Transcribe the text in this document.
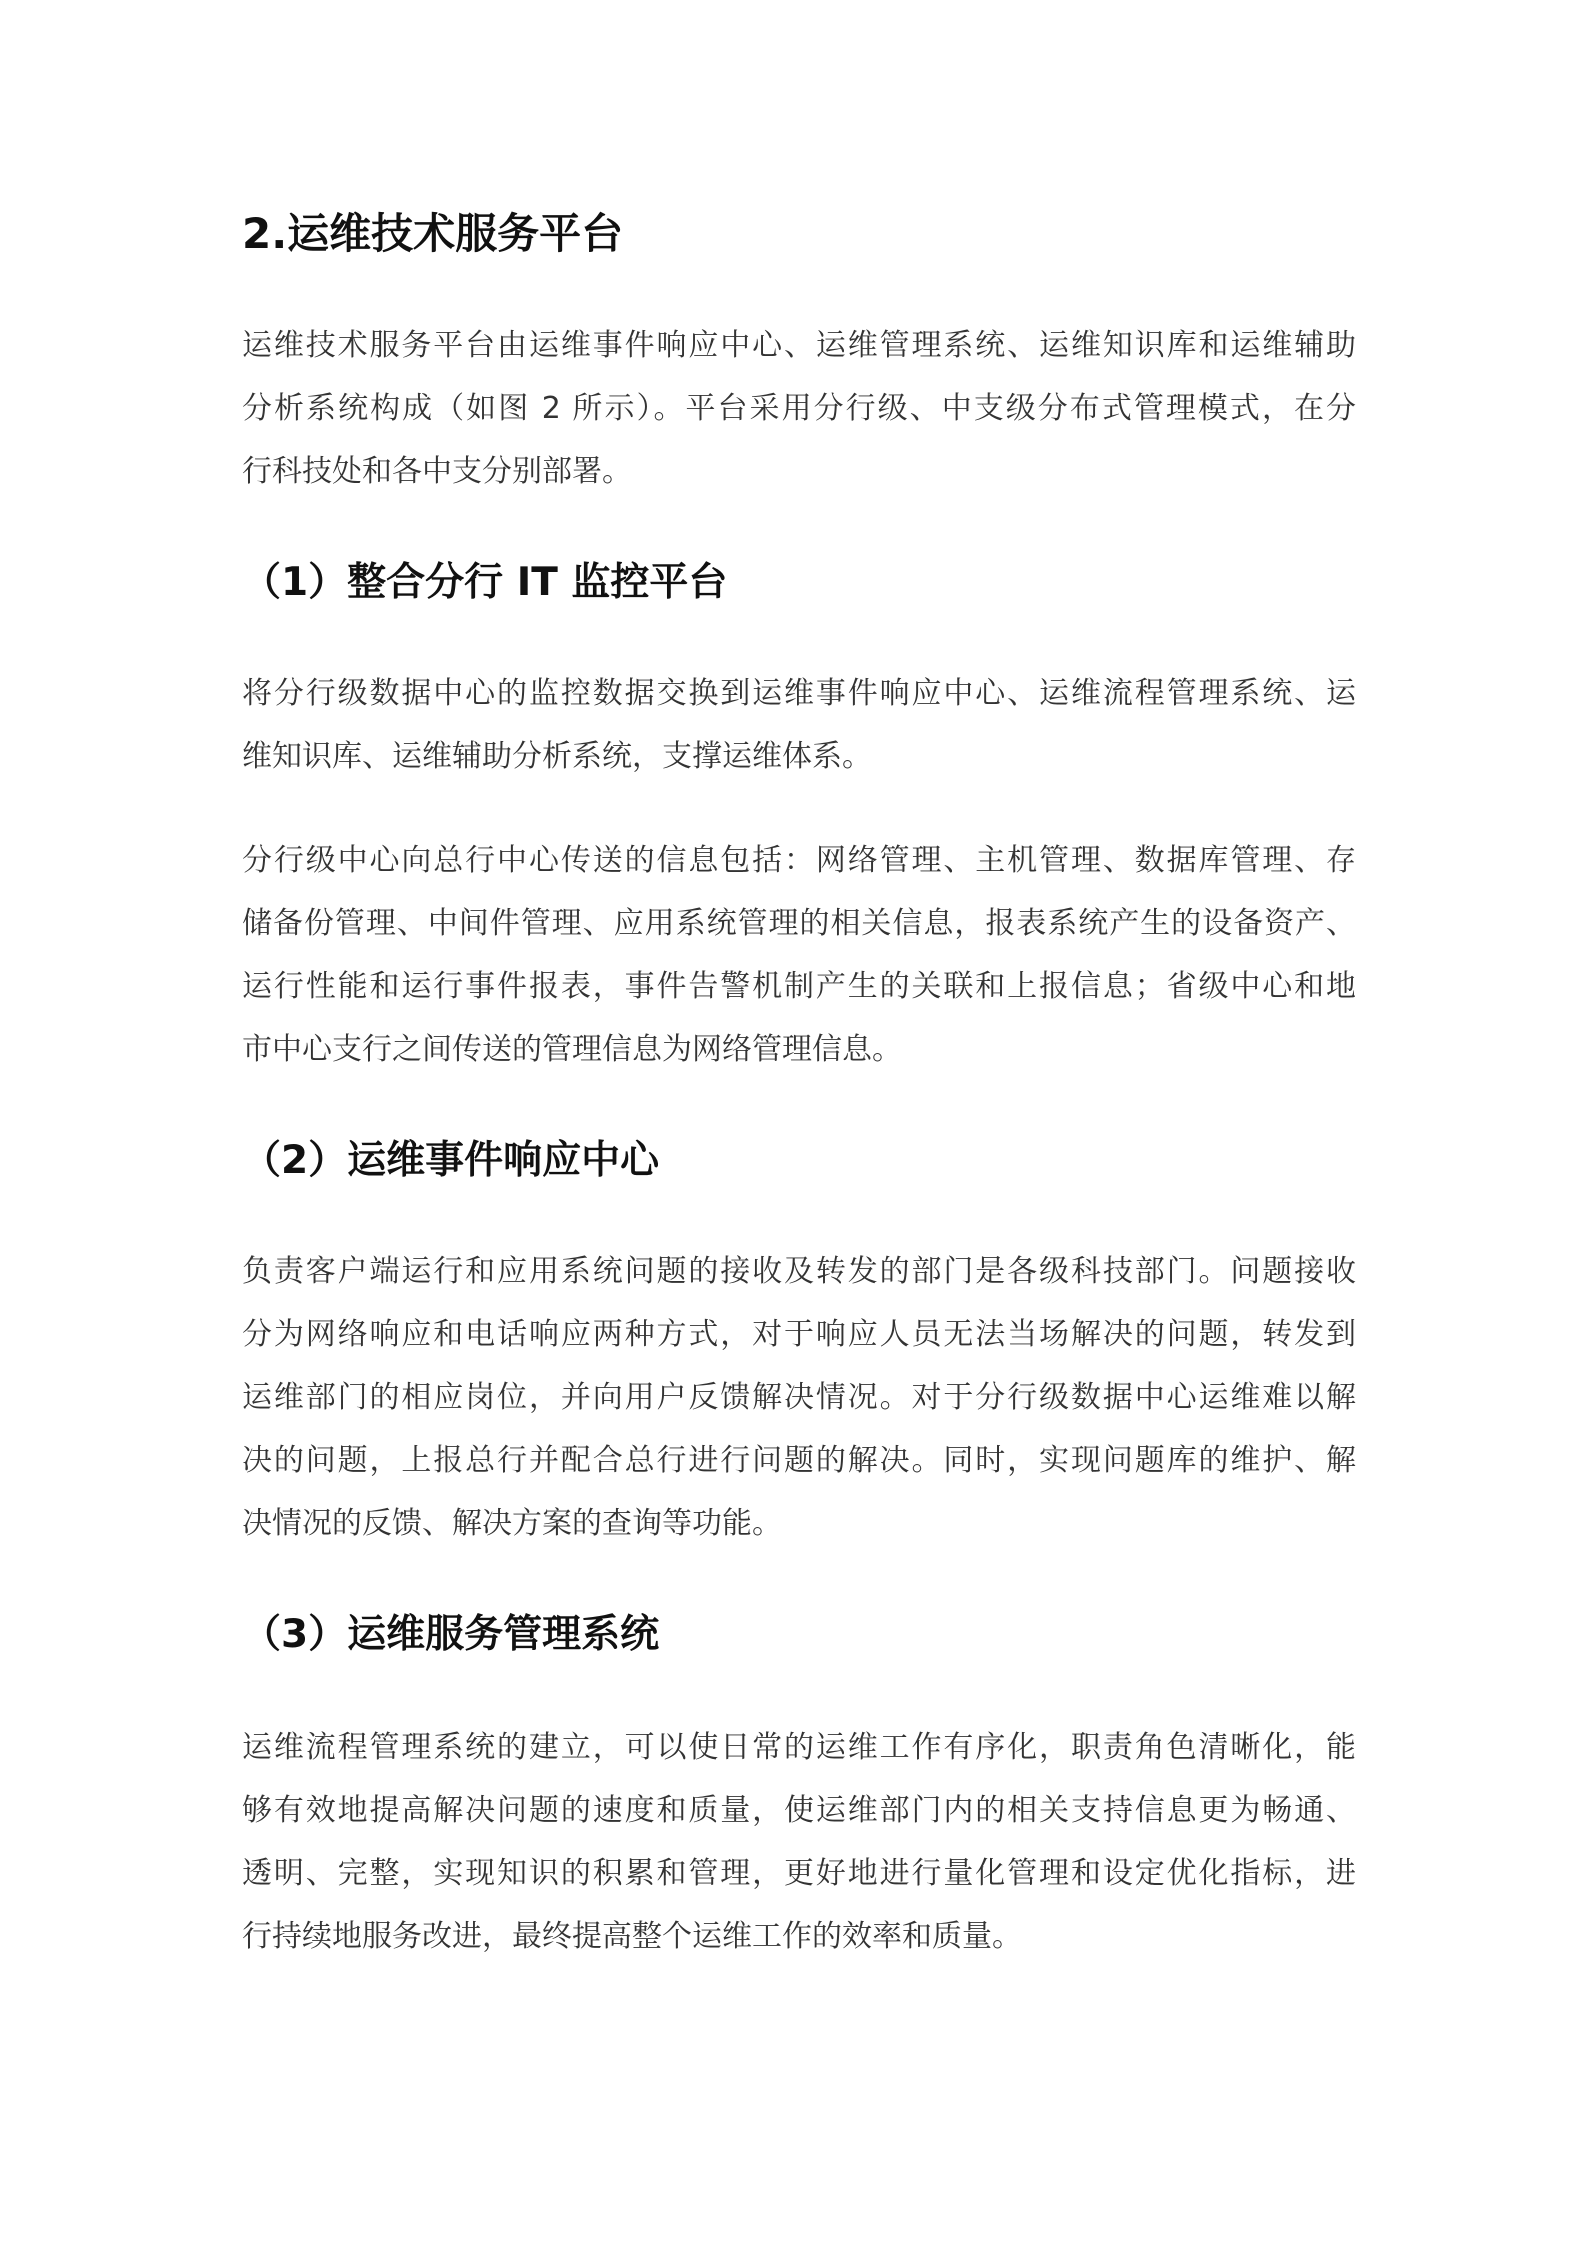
2.运维技术服务平台
运维技术服务平台由运维事件响应中心、运维管理系统、运维知识库和运维辅助
分析系统构成（如图 2 所示）。平台采用分行级、中支级分布式管理模式，在分
行科技处和各中支分别部署。
（1）整合分行 IT 监控平台
将分行级数据中心的监控数据交换到运维事件响应中心、运维流程管理系统、运
维知识库、运维辅助分析系统，支撑运维体系。
分行级中心向总行中心传送的信息包括：网络管理、主机管理、数据库管理、存
储备份管理、中间件管理、应用系统管理的相关信息，报表系统产生的设备资产、
运行性能和运行事件报表，事件告警机制产生的关联和上报信息；省级中心和地
市中心支行之间传送的管理信息为网络管理信息。
（2）运维事件响应中心
负责客户端运行和应用系统问题的接收及转发的部门是各级科技部门。问题接收
分为网络响应和电话响应两种方式，对于响应人员无法当场解决的问题，转发到
运维部门的相应岗位，并向用户反馈解决情况。对于分行级数据中心运维难以解
决的问题，上报总行并配合总行进行问题的解决。同时，实现问题库的维护、解
决情况的反馈、解决方案的查询等功能。
（3）运维服务管理系统
运维流程管理系统的建立，可以使日常的运维工作有序化，职责角色清晰化，能
够有效地提高解决问题的速度和质量，使运维部门内的相关支持信息更为畅通、
透明、完整，实现知识的积累和管理，更好地进行量化管理和设定优化指标，进
行持续地服务改进，最终提高整个运维工作的效率和质量。
